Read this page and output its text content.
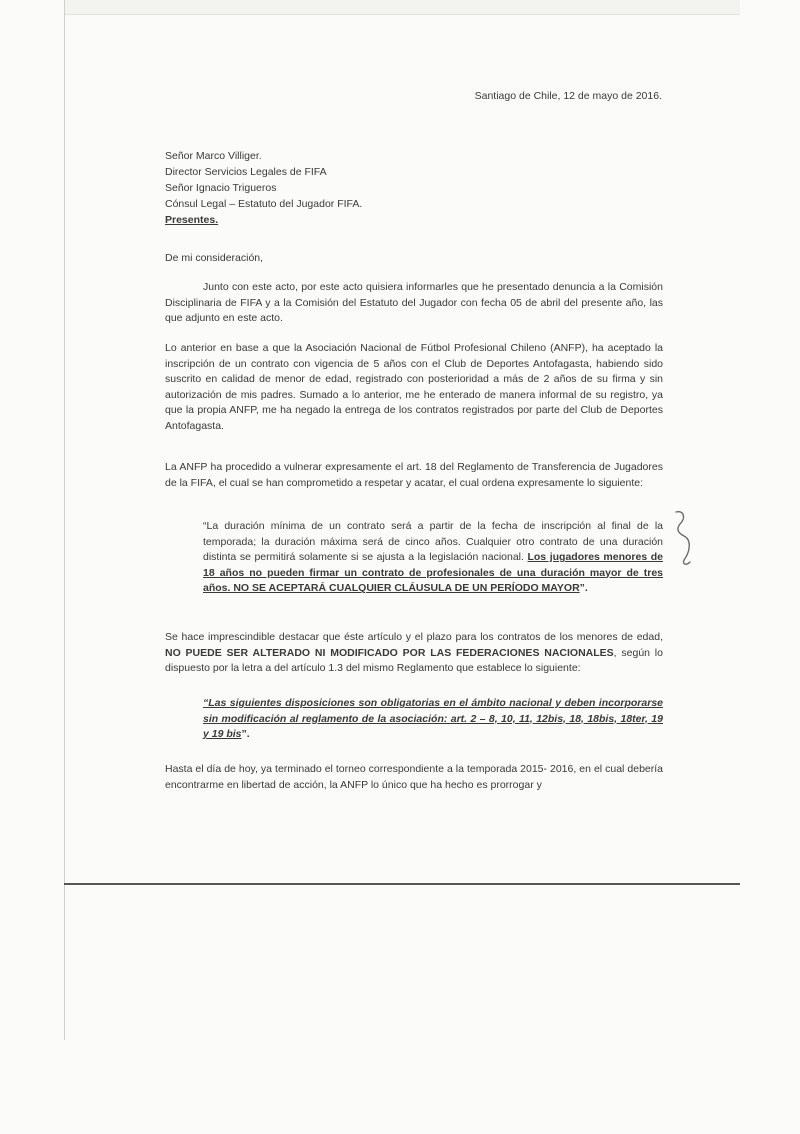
Santiago de Chile, 12 de mayo de 2016.
Señor Marco Villiger.
Director Servicios Legales de FIFA
Señor Ignacio Trigueros
Cónsul Legal – Estatuto del Jugador FIFA.
Presentes.
De mi consideración,

Junto con este acto, por este acto quisiera informarles que he presentado denuncia a la Comisión Disciplinaria de FIFA y a la Comisión del Estatuto del Jugador con fecha 05 de abril del presente año, las que adjunto en este acto.

Lo anterior en base a que la Asociación Nacional de Fútbol Profesional Chileno (ANFP), ha aceptado la inscripción de un contrato con vigencia de 5 años con el Club de Deportes Antofagasta, habiendo sido suscrito en calidad de menor de edad, registrado con posterioridad a más de 2 años de su firma y sin autorización de mis padres. Sumado a lo anterior, me he enterado de manera informal de su registro, ya que la propia ANFP, me ha negado la entrega de los contratos registrados por parte del Club de Deportes Antofagasta.

La ANFP ha procedido a vulnerar expresamente el art. 18 del Reglamento de Transferencia de Jugadores de la FIFA, el cual se han comprometido a respetar y acatar, el cual ordena expresamente lo siguiente:

“La duración mínima de un contrato será a partir de la fecha de inscripción al final de la temporada; la duración máxima será de cinco años. Cualquier otro contrato de una duración distinta se permitirá solamente si se ajusta a la legislación nacional. Los jugadores menores de 18 años no pueden firmar un contrato de profesionales de una duración mayor de tres años. NO SE ACEPTARÁ CUALQUIER CLÁUSULA DE UN PERÍODO MAYOR”.

Se hace imprescindible destacar que éste artículo y el plazo para los contratos de los menores de edad, NO PUEDE SER ALTERADO NI MODIFICADO POR LAS FEDERACIONES NACIONALES, según lo dispuesto por la letra a del artículo 1.3 del mismo Reglamento que establece lo siguiente:

“Las siguientes disposiciones son obligatorias en el ámbito nacional y deben incorporarse sin modificación al reglamento de la asociación: art. 2 – 8, 10, 11, 12bis, 18, 18bis, 18ter, 19 y 19 bis”.

Hasta el día de hoy, ya terminado el torneo correspondiente a la temporada 2015- 2016, en el cual debería encontrarme en libertad de acción, la ANFP lo único que ha hecho es prorrogar y
